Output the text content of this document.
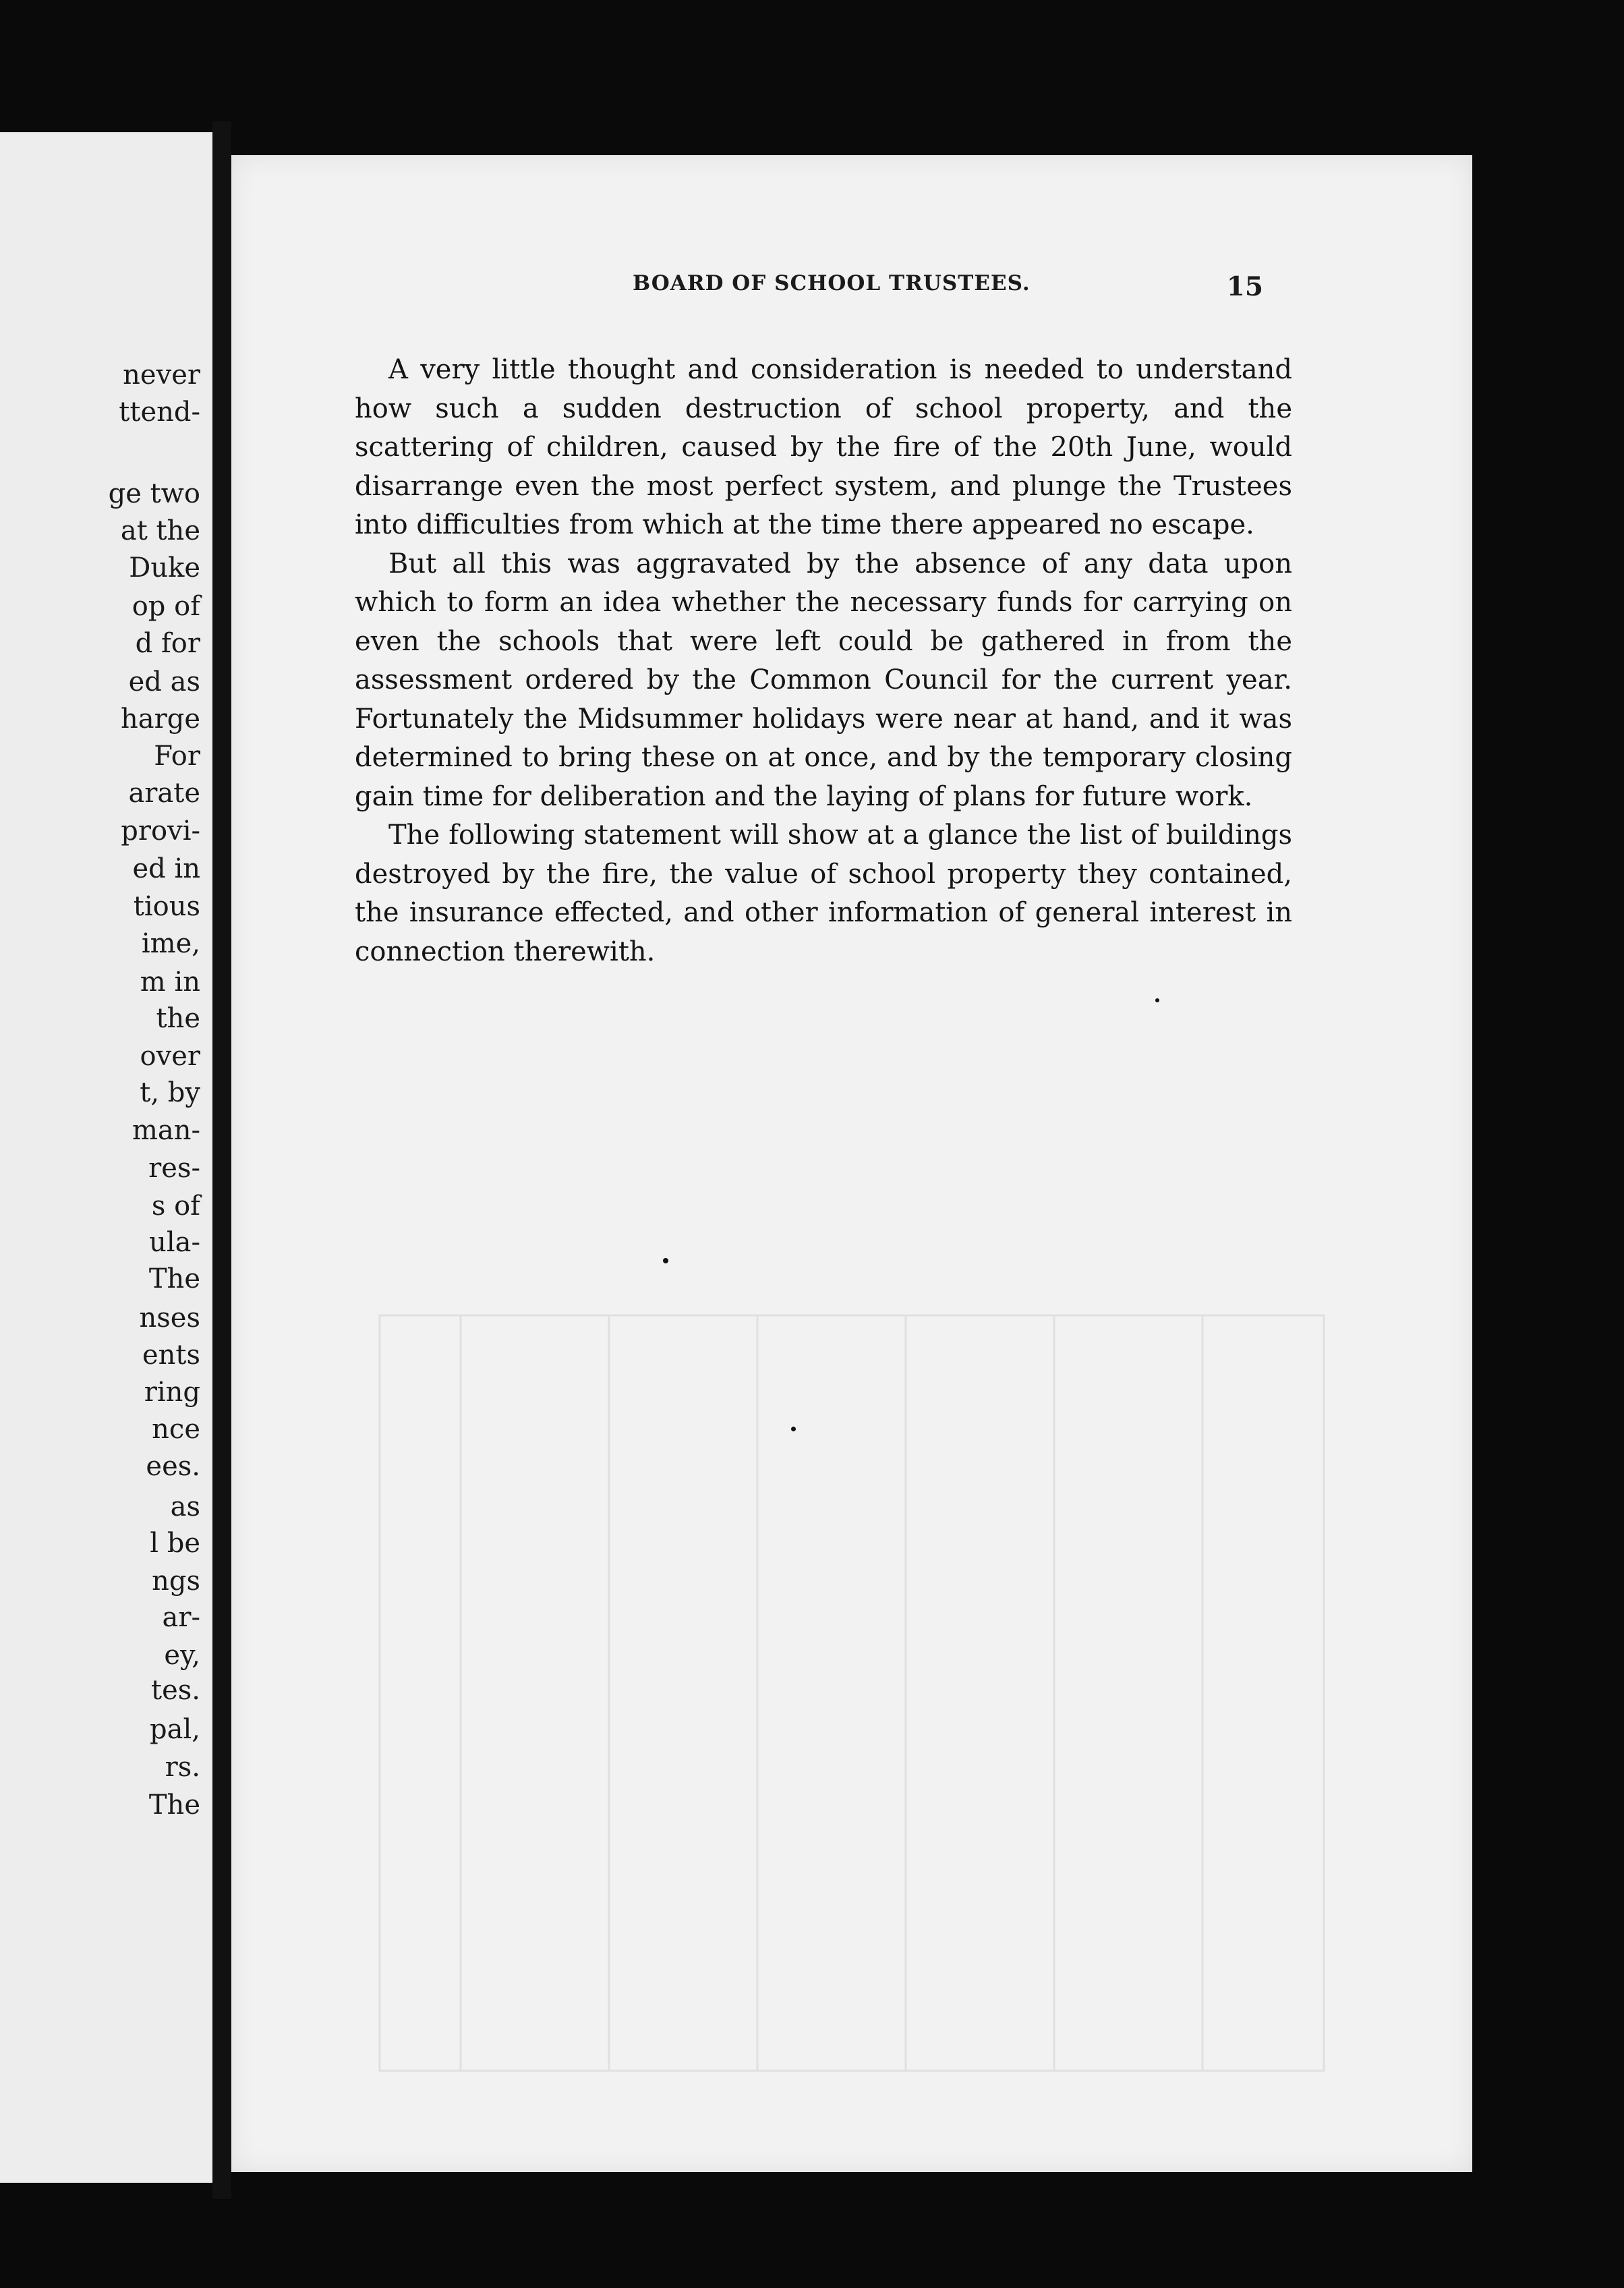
never

ttend-

ge two

at the

Duke

op of

d for

ed as

harge

For

arate

provi-

ed in

tious

ime,

m in

the

over

t, by

man-

res-

s of

ula-

The

nses

ents

ring

nce

ees.

as

l be

ngs

ar-

ey,

tes.

pal,

rs.

The

BOARD OF SCHOOL TRUSTEES.	15

A very little thought and consideration is needed to understand how such a sudden destruction of school property, and the scattering of children, caused by the fire of the 20th June, would disarrange even the most perfect system, and plunge the Trustees into difficulties from which at the time there appeared no escape.

But all this was aggravated by the absence of any data upon which to form an idea whether the necessary funds for carrying on even the schools that were left could be gathered in from the assessment ordered by the Common Council for the current year. Fortunately the Midsummer holidays were near at hand, and it was determined to bring these on at once, and by the temporary closing gain time for deliberation and the laying of plans for future work.

The following statement will show at a glance the list of buildings destroyed by the fire, the value of school property they contained, the insurance effected, and other information of general interest in connection therewith.
